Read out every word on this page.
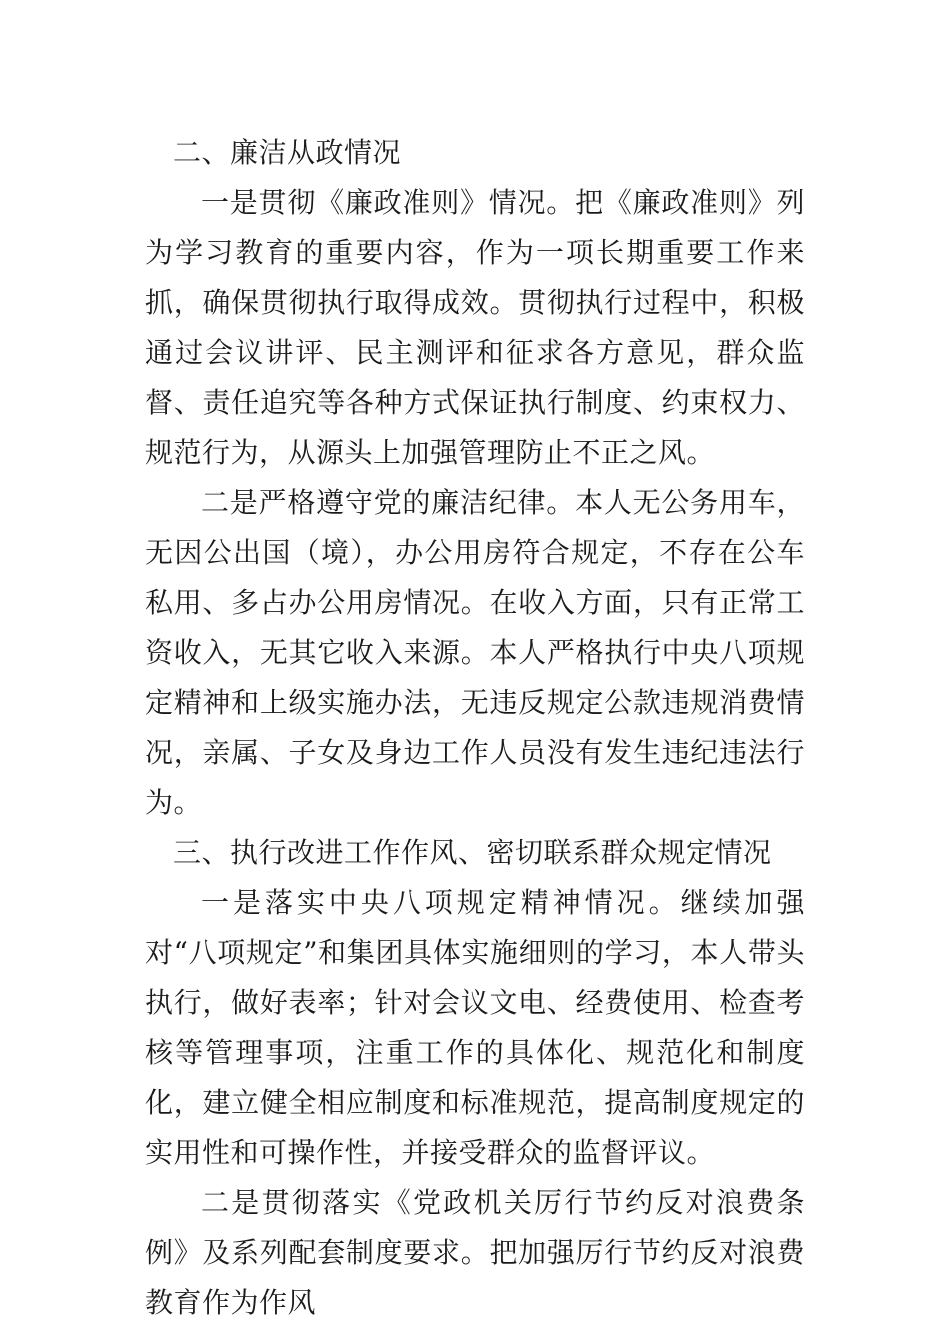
二、廉洁从政情况

一是贯彻《廉政准则》情况。把《廉政准则》列为学习教育的重要内容，作为一项长期重要工作来抓，确保贯彻执行取得成效。贯彻执行过程中，积极通过会议讲评、民主测评和征求各方意见，群众监督、责任追究等各种方式保证执行制度、约束权力、规范行为，从源头上加强管理防止不正之风。

二是严格遵守党的廉洁纪律。本人无公务用车，无因公出国（境），办公用房符合规定，不存在公车私用、多占办公用房情况。在收入方面，只有正常工资收入，无其它收入来源。本人严格执行中央八项规定精神和上级实施办法，无违反规定公款违规消费情况，亲属、子女及身边工作人员没有发生违纪违法行为。

三、执行改进工作作风、密切联系群众规定情况

一是落实中央八项规定精神情况。继续加强对“八项规定”和集团具体实施细则的学习，本人带头执行，做好表率；针对会议文电、经费使用、检查考核等管理事项，注重工作的具体化、规范化和制度化，建立健全相应制度和标准规范，提高制度规定的实用性和可操作性，并接受群众的监督评议。

二是贯彻落实《党政机关厉行节约反对浪费条例》及系列配套制度要求。把加强厉行节约反对浪费教育作为作风
